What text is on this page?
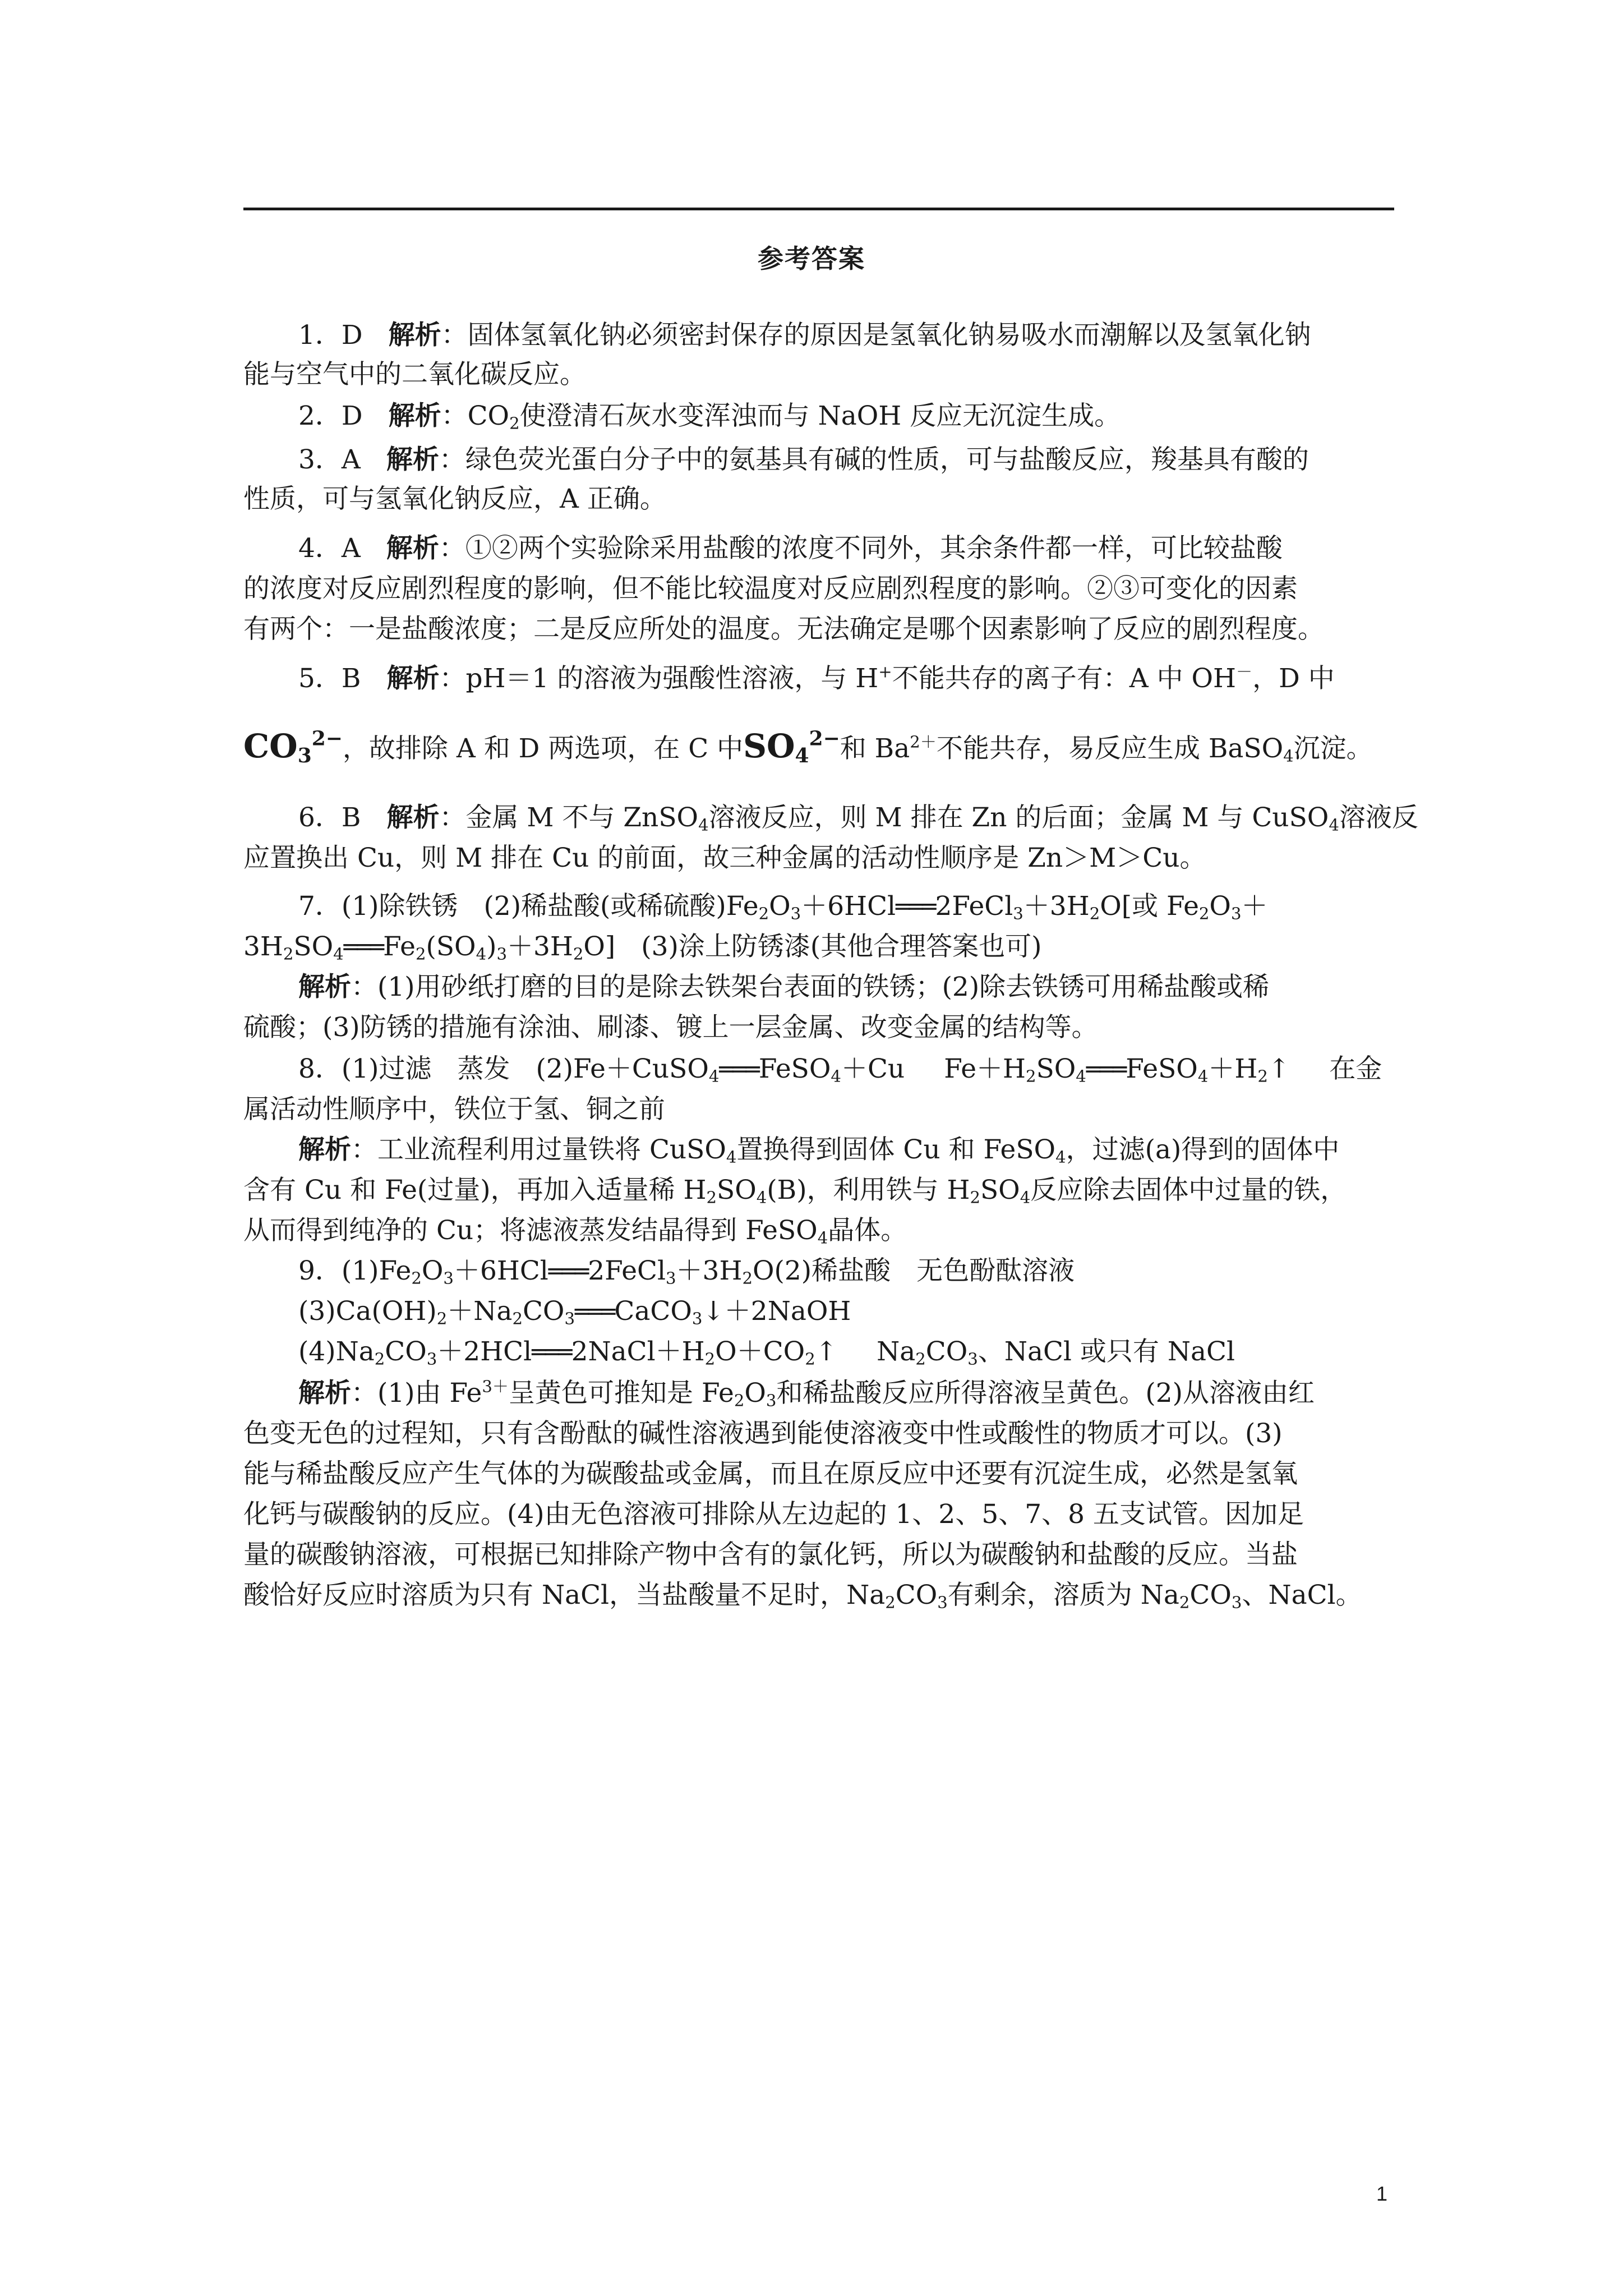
参考答案
1．D 解析：固体氢氧化钠必须密封保存的原因是氢氧化钠易吸水而潮解以及氢氧化钠
能与空气中的二氧化碳反应。
2．D 解析：$CO_2$使澄清石灰水变浑浊而与 NaOH 反应无沉淀生成。
3．A 解析：绿色荧光蛋白分子中的氨基具有碱的性质，可与盐酸反应，羧基具有酸的
性质，可与氢氧化钠反应，A 正确。
4．A 解析：①②两个实验除采用盐酸的浓度不同外，其余条件都一样，可比较盐酸
的浓度对反应剧烈程度的影响，但不能比较温度对反应剧烈程度的影响。②③可变化的因素
有两个：一是盐酸浓度；二是反应所处的温度。无法确定是哪个因素影响了反应的剧烈程度。
5．B 解析：pH＝1 的溶液为强酸性溶液，与 H+不能共存的离子有：A 中 OH－，D 中
$CO_3^{2-}$，故排除 A 和 D 两选项，在 C 中$SO_4^{2-}$和 $Ba^{2+}$不能共存，易反应生成 BaSO$_4$沉淀。
6．B 解析：金属 M 不与 ZnSO$_4$溶液反应，则 M 排在 Zn 的后面；金属 M 与 CuSO$_4$溶液反
应置换出 Cu，则 M 排在 Cu 的前面，故三种金属的活动性顺序是 Zn＞M＞Cu。
7．(1)除铁锈 (2)稀盐酸(或稀硫酸)$Fe_2O_3+6HCl═══2FeCl_3+3H_2O$[或 $Fe_2O_3+$
$3H_2SO_4═══Fe_2(SO_4)_3+3H_2O$] (3)涂上防锈漆(其他合理答案也可)
解析：(1)用砂纸打磨的目的是除去铁架台表面的铁锈；(2)除去铁锈可用稀盐酸或稀
硫酸；(3)防锈的措施有涂油、刷漆、镀上一层金属、改变金属的结构等。
8．(1)过滤 蒸发 (2)Fe＋CuSO$_4$═══FeSO$_4$＋Cu $Fe+H_2SO_4═══FeSO_4+H_2↑$ 在金
属活动性顺序中，铁位于氢、铜之前
解析：工业流程利用过量铁将 CuSO$_4$置换得到固体 Cu 和 FeSO$_4$，过滤(a)得到的固体中
含有 Cu 和 Fe(过量)，再加入适量稀 $H_2SO_4(B)$，利用铁与 $H_2SO_4$反应除去固体中过量的铁，
从而得到纯净的 Cu；将滤液蒸发结晶得到 FeSO$_4$晶体。
9．$(1)Fe_2O_3+6HCl═══2FeCl_3+3H_2O(2)$稀盐酸 无色酚酞溶液
$(3)Ca(OH)_2+Na_2CO_3═══CaCO_3↓+2NaOH$
$(4)Na_2CO_3+2HCl═══2NaCl+H_2O+CO_2↑$ $Na_2CO_3$、NaCl 或只有 NaCl
解析：(1)由 $Fe^{3+}$呈黄色可推知是 $Fe_2O_3$和稀盐酸反应所得溶液呈黄色。(2)从溶液由红
色变无色的过程知，只有含酚酞的碱性溶液遇到能使溶液变中性或酸性的物质才可以。(3)
能与稀盐酸反应产生气体的为碳酸盐或金属，而且在原反应中还要有沉淀生成，必然是氢氧
化钙与碳酸钠的反应。(4)由无色溶液可排除从左边起的 1、2、5、7、8 五支试管。因加足
量的碳酸钠溶液，可根据已知排除产物中含有的氯化钙，所以为碳酸钠和盐酸的反应。当盐
酸恰好反应时溶质为只有 NaCl，当盐酸量不足时，$Na_2CO_3$有剩余，溶质为 $Na_2CO_3$、NaCl。
1
